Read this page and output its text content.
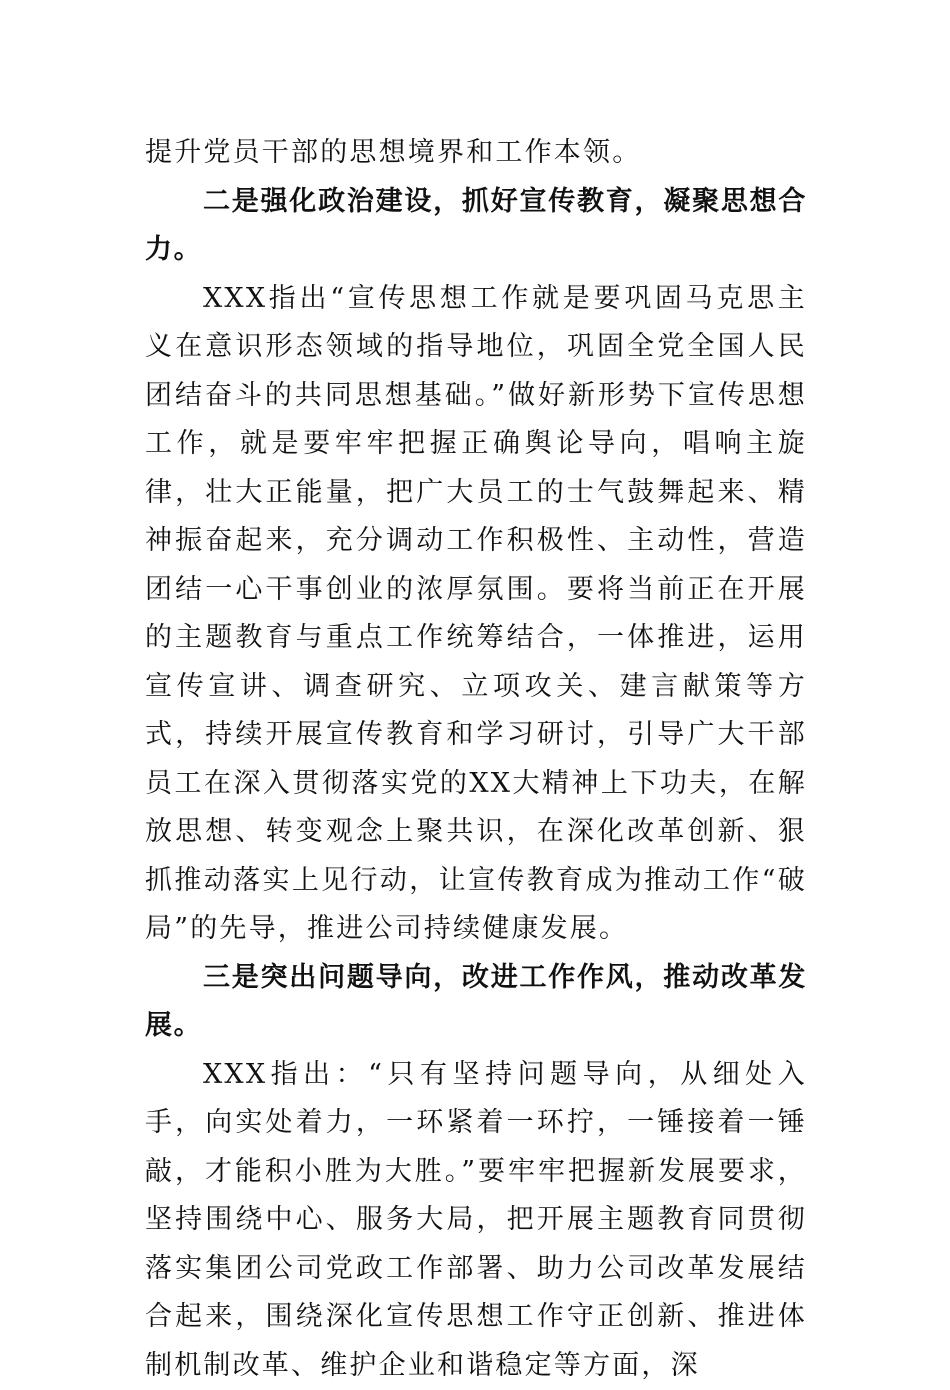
提升党员干部的思想境界和工作本领。

二是强化政治建设，抓好宣传教育，凝聚思想合力。

XXX指出“宣传思想工作就是要巩固马克思主义在意识形态领域的指导地位，巩固全党全国人民团结奋斗的共同思想基础。”做好新形势下宣传思想工作，就是要牢牢把握正确舆论导向，唱响主旋律，壮大正能量，把广大员工的士气鼓舞起来、精神振奋起来，充分调动工作积极性、主动性，营造团结一心干事创业的浓厚氛围。要将当前正在开展的主题教育与重点工作统筹结合，一体推进，运用宣传宣讲、调查研究、立项攻关、建言献策等方式，持续开展宣传教育和学习研讨，引导广大干部员工在深入贯彻落实党的XX大精神上下功夫，在解放思想、转变观念上聚共识，在深化改革创新、狠抓推动落实上见行动，让宣传教育成为推动工作“破局”的先导，推进公司持续健康发展。

三是突出问题导向，改进工作作风，推动改革发展。

XXX指出：“只有坚持问题导向，从细处入手，向实处着力，一环紧着一环拧，一锤接着一锤敲，才能积小胜为大胜。”要牢牢把握新发展要求，坚持围绕中心、服务大局，把开展主题教育同贯彻落实集团公司党政工作部署、助力公司改革发展结合起来，围绕深化宣传思想工作守正创新、推进体制机制改革、维护企业和谐稳定等方面，深
